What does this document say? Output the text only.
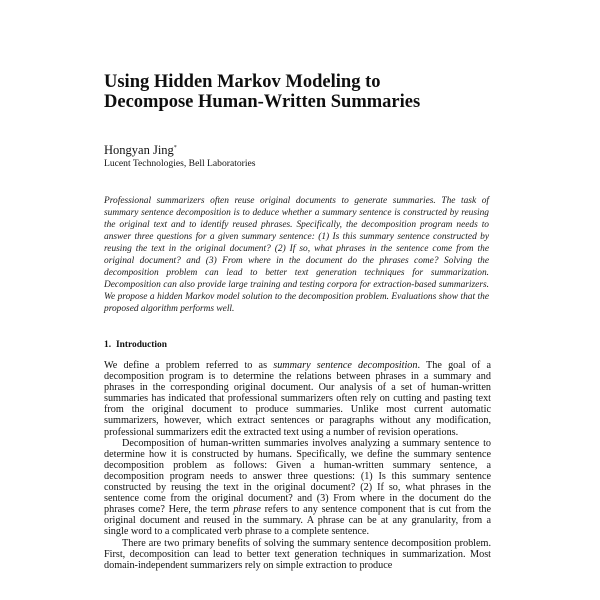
Using Hidden Markov Modeling to
Decompose Human-Written Summaries
Hongyan Jing*
Lucent Technologies, Bell Laboratories
Professional summarizers often reuse original documents to generate summaries. The task of summary sentence decomposition is to deduce whether a summary sentence is constructed by reusing the original text and to identify reused phrases. Specifically, the decomposition program needs to answer three questions for a given summary sentence: (1) Is this summary sentence constructed by reusing the text in the original document? (2) If so, what phrases in the sentence come from the original document? and (3) From where in the document do the phrases come? Solving the decomposition problem can lead to better text generation techniques for summarization. Decomposition can also provide large training and testing corpora for extraction-based summarizers. We propose a hidden Markov model solution to the decomposition problem. Evaluations show that the proposed algorithm performs well.
1. Introduction

We define a problem referred to as summary sentence decomposition. The goal of a decomposition program is to determine the relations between phrases in a summary and phrases in the corresponding original document. Our analysis of a set of human-written summaries has indicated that professional summarizers often rely on cutting and pasting text from the original document to produce summaries. Unlike most current automatic summarizers, however, which extract sentences or paragraphs without any modification, professional summarizers edit the extracted text using a number of revision operations.

Decomposition of human-written summaries involves analyzing a summary sentence to determine how it is constructed by humans. Specifically, we define the summary sentence decomposition problem as follows: Given a human-written summary sentence, a decomposition program needs to answer three questions: (1) Is this summary sentence constructed by reusing the text in the original document? (2) If so, what phrases in the sentence come from the original document? and (3) From where in the document do the phrases come? Here, the term phrase refers to any sentence component that is cut from the original document and reused in the summary. A phrase can be at any granularity, from a single word to a complicated verb phrase to a complete sentence.

There are two primary benefits of solving the summary sentence decomposition problem. First, decomposition can lead to better text generation techniques in summarization. Most domain-independent summarizers rely on simple extraction to produce
